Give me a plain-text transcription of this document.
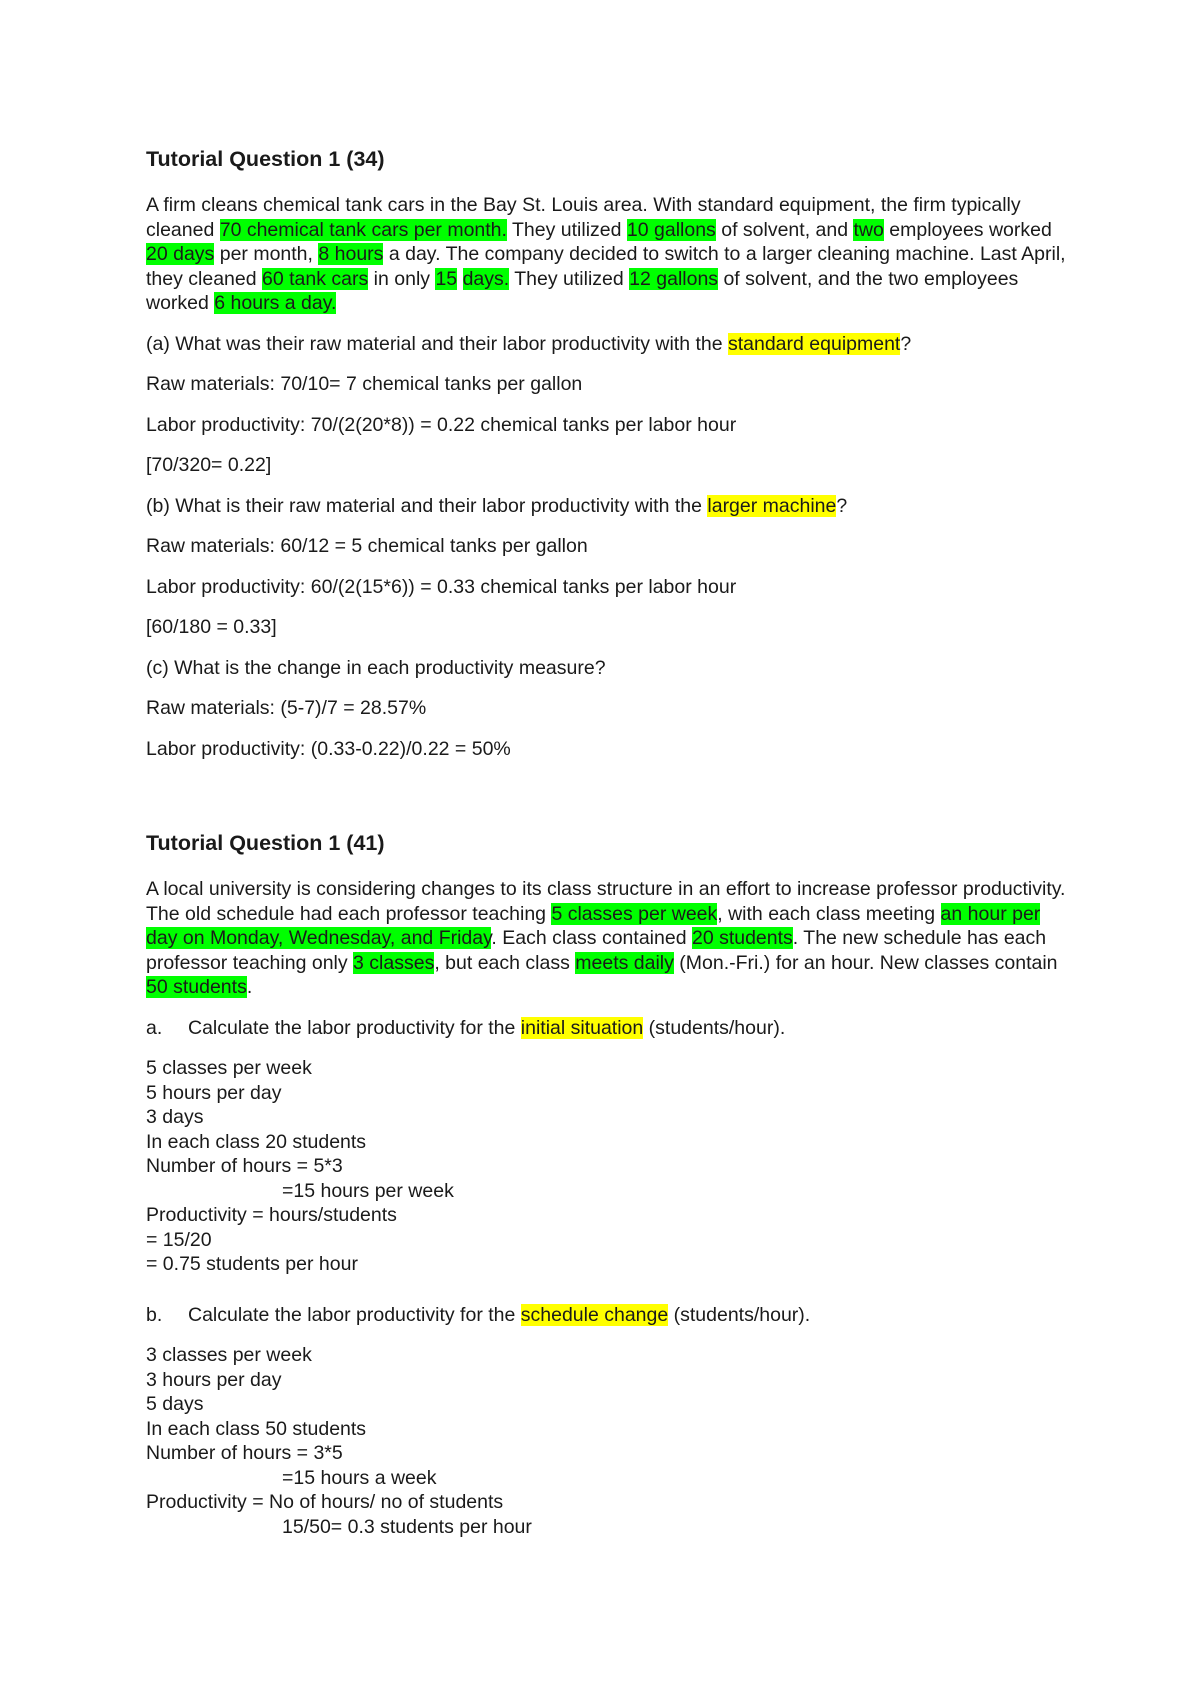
Tutorial Question 1 (34)

A firm cleans chemical tank cars in the Bay St. Louis area. With standard equipment, the firm typically cleaned 70 chemical tank cars per month. They utilized 10 gallons of solvent, and two employees worked 20 days per month, 8 hours a day. The company decided to switch to a larger cleaning machine. Last April, they cleaned 60 tank cars in only 15 days. They utilized 12 gallons of solvent, and the two employees worked 6 hours a day.

(a) What was their raw material and their labor productivity with the standard equipment?

Raw materials: 70/10= 7 chemical tanks per gallon

Labor productivity: 70/(2(20*8)) = 0.22 chemical tanks per labor hour

[70/320= 0.22]

(b) What is their raw material and their labor productivity with the larger machine?

Raw materials: 60/12 = 5 chemical tanks per gallon

Labor productivity: 60/(2(15*6)) = 0.33 chemical tanks per labor hour

[60/180 = 0.33]

(c) What is the change in each productivity measure?

Raw materials: (5-7)/7 = 28.57%

Labor productivity: (0.33-0.22)/0.22 = 50%

Tutorial Question 1 (41)

A local university is considering changes to its class structure in an effort to increase professor productivity. The old schedule had each professor teaching 5 classes per week, with each class meeting an hour per day on Monday, Wednesday, and Friday. Each class contained 20 students. The new schedule has each professor teaching only 3 classes, but each class meets daily (Mon.-Fri.) for an hour. New classes contain 50 students.

a. Calculate the labor productivity for the initial situation (students/hour).

5 classes per week
5 hours per day
3 days
In each class 20 students
Number of hours = 5*3
=15 hours per week
Productivity = hours/students
= 15/20
= 0.75 students per hour

b. Calculate the labor productivity for the schedule change (students/hour).

3 classes per week
3 hours per day
5 days
In each class 50 students
Number of hours = 3*5
=15 hours a week
Productivity = No of hours/ no of students
15/50= 0.3 students per hour
